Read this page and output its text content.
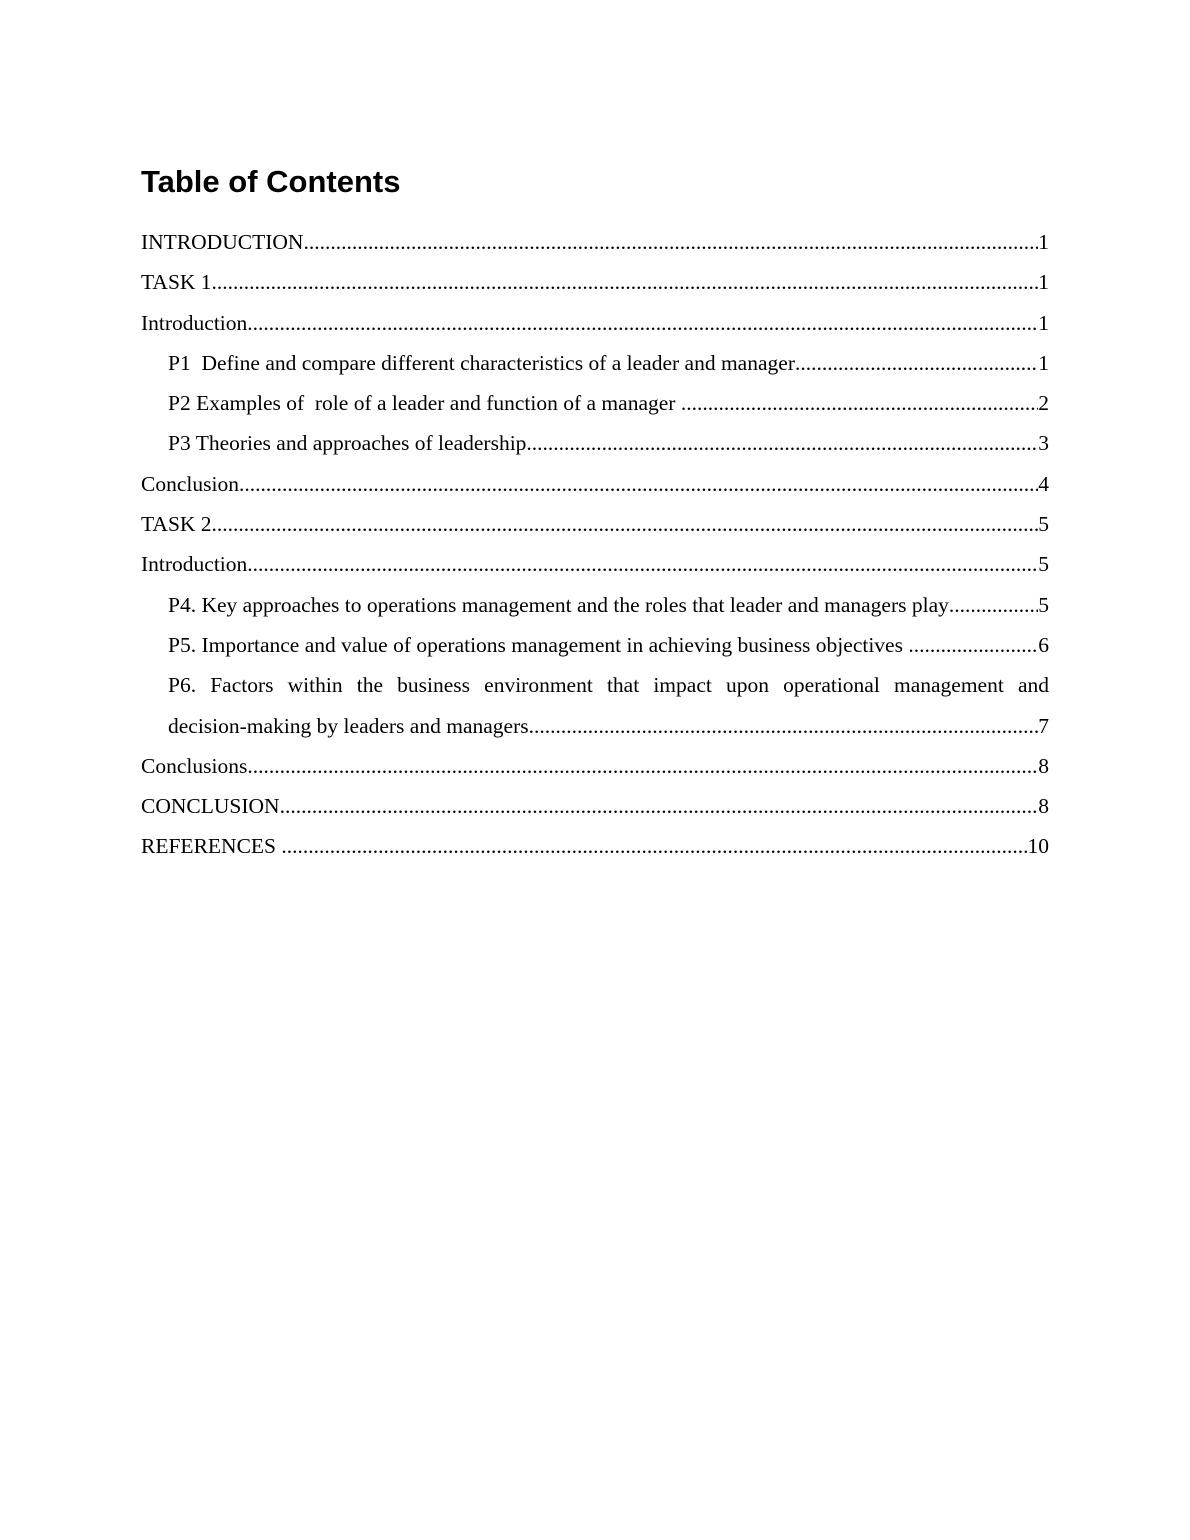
Table of Contents
INTRODUCTION .....	1
TASK 1 .....	1
Introduction .....	1
P1  Define and compare different characteristics of a leader and manager .....	1
P2 Examples of  role of a leader and function of a manager .....	2
P3 Theories and approaches of leadership .....	3
Conclusion .....	4
TASK 2 .....	5
Introduction .....	5
P4. Key approaches to operations management and the roles that leader and managers play .....	5
P5. Importance and value of operations management in achieving business objectives .....	6
P6. Factors within the business environment that impact upon operational management and
decision-making by leaders and managers .....	7
Conclusions .....	8
CONCLUSION .....	8
REFERENCES .....	10
